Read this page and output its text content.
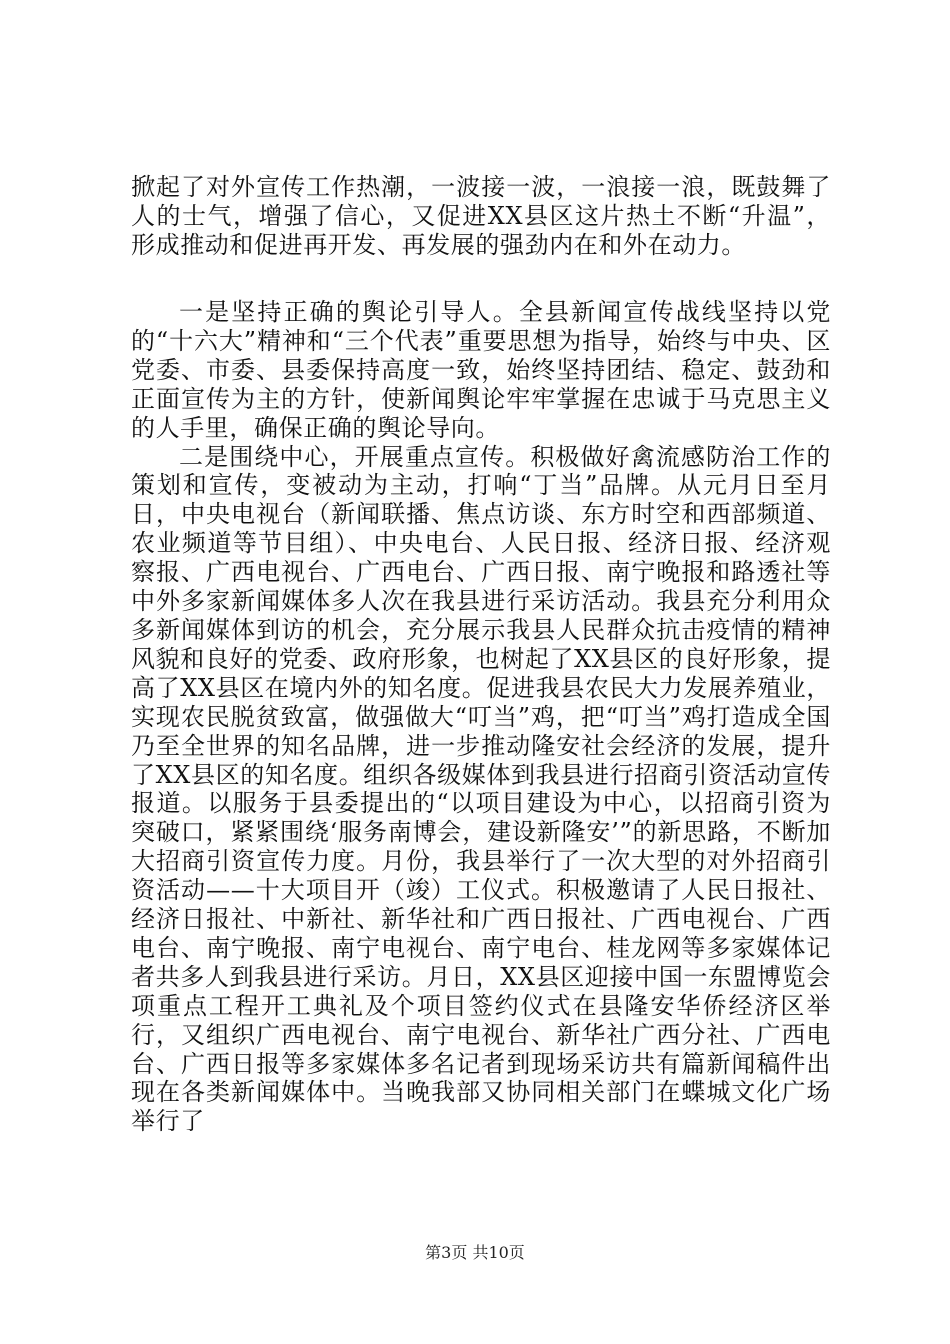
掀起了对外宣传工作热潮，一波接一波，一浪接一浪，既鼓舞了人的士气，增强了信心，又促进XX县区这片热土不断“升温”，形成推动和促进再开发、再发展的强劲内在和外在动力。

一是坚持正确的舆论引导人。全县新闻宣传战线坚持以党的“十六大”精神和“三个代表”重要思想为指导，始终与中央、区党委、市委、县委保持高度一致，始终坚持团结、稳定、鼓劲和正面宣传为主的方针，使新闻舆论牢牢掌握在忠诚于马克思主义的人手里，确保正确的舆论导向。

二是围绕中心，开展重点宣传。积极做好禽流感防治工作的策划和宣传，变被动为主动，打响“丁当”品牌。从元月日至月日，中央电视台（新闻联播、焦点访谈、东方时空和西部频道、农业频道等节目组）、中央电台、人民日报、经济日报、经济观察报、广西电视台、广西电台、广西日报、南宁晚报和路透社等中外多家新闻媒体多人次在我县进行采访活动。我县充分利用众多新闻媒体到访的机会，充分展示我县人民群众抗击疫情的精神风貌和良好的党委、政府形象，也树起了XX县区的良好形象，提高了XX县区在境内外的知名度。促进我县农民大力发展养殖业，实现农民脱贫致富，做强做大“叮当”鸡，把“叮当”鸡打造成全国乃至全世界的知名品牌，进一步推动隆安社会经济的发展，提升了XX县区的知名度。组织各级媒体到我县进行招商引资活动宣传报道。以服务于县委提出的“以项目建设为中心，以招商引资为突破口，紧紧围绕‘服务南博会，建设新隆安’”的新思路，不断加大招商引资宣传力度。月份，我县举行了一次大型的对外招商引资活动——十大项目开（竣）工仪式。积极邀请了人民日报社、经济日报社、中新社、新华社和广西日报社、广西电视台、广西电台、南宁晚报、南宁电视台、南宁电台、桂龙网等多家媒体记者共多人到我县进行采访。月日，XX县区迎接中国一东盟博览会项重点工程开工典礼及个项目签约仪式在县隆安华侨经济区举行，又组织广西电视台、南宁电视台、新华社广西分社、广西电台、广西日报等多家媒体多名记者到现场采访共有篇新闻稿件出现在各类新闻媒体中。当晚我部又协同相关部门在蝶城文化广场举行了

第3页 共10页
